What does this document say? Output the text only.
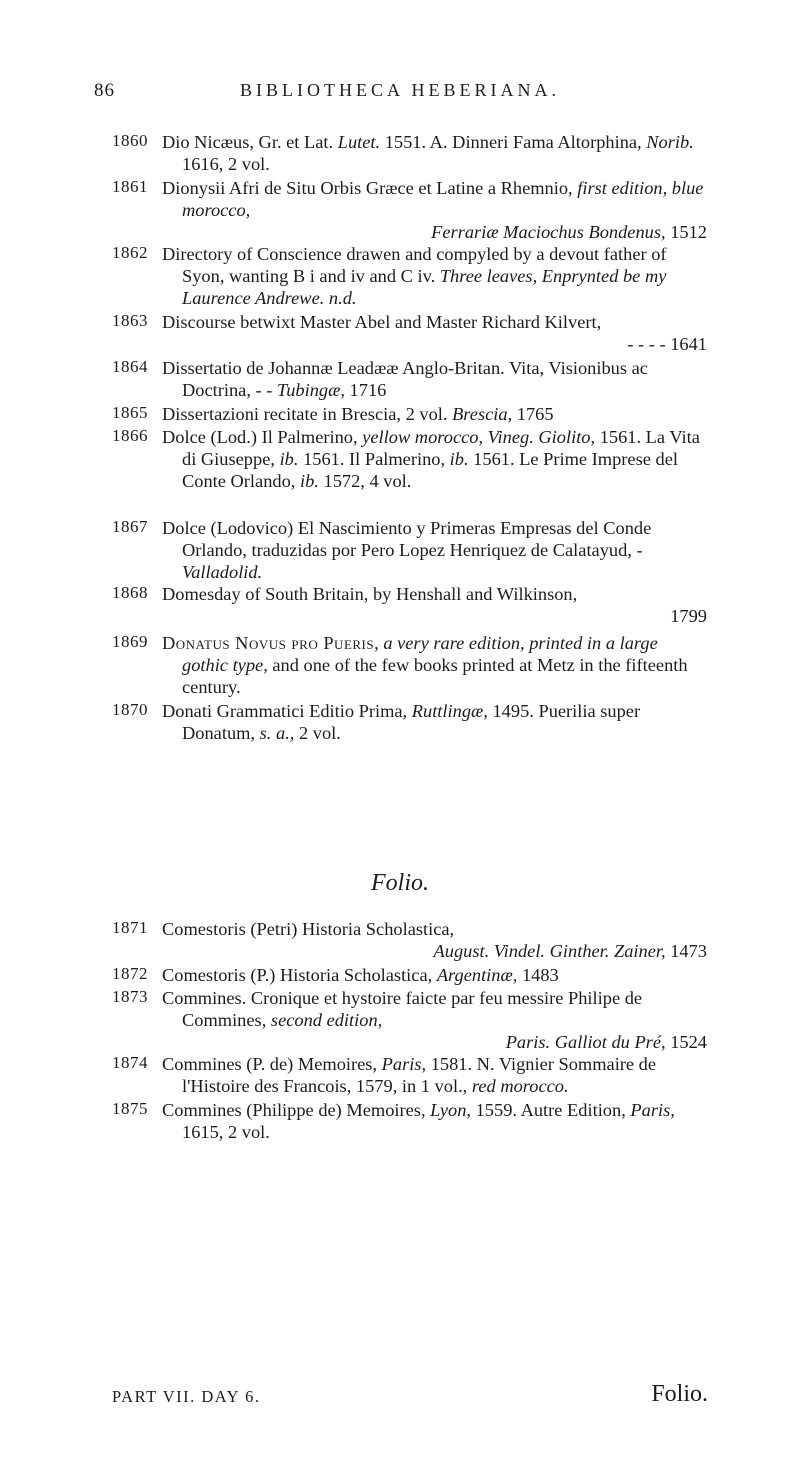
86	BIBLIOTHECA HEBERIANA.
1860 Dio Nicæus, Gr. et Lat. Lutet. 1551. A. Dinneri Fama Altorphina, Norib. 1616, 2 vol.
1861 Dionysii Afri de Situ Orbis Græce et Latine a Rhemnio, first edition, blue morocco,
Ferrariæ Maciochus Bondenus, 1512
1862 Directory of Conscience drawen and compyled by a devout father of Syon, wanting B i and iv and C iv. Three leaves, Enprynted be my Laurence Andrewe. n.d.
1863 Discourse betwixt Master Abel and Master Richard Kilvert,
- - - - 1641
1864 Dissertatio de Johannæ Leadææ Anglo-Britan. Vita, Visionibus ac Doctrina, - - Tubingæ, 1716
1865 Dissertazioni recitate in Brescia, 2 vol. Brescia, 1765
1866 Dolce (Lod.) Il Palmerino, yellow morocco, Vineg. Giolito, 1561. La Vita di Giuseppe, ib. 1561. Il Palmerino, ib. 1561. Le Prime Imprese del Conte Orlando, ib. 1572, 4 vol.
1867 Dolce (Lodovico) El Nascimiento y Primeras Empresas del Conde Orlando, traduzidas por Pero Lopez Henriquez de Calatayud, - Valladolid.
1868 Domesday of South Britain, by Henshall and Wilkinson,
1799
1869 Donatus Novus pro Pueris, a very rare edition, printed in a large gothic type, and one of the few books printed at Metz in the fifteenth century.
1870 Donati Grammatici Editio Prima, Ruttlingæ, 1495. Puerilia super Donatum, s. a., 2 vol.
1871 Comestoris (Petri) Historia Scholastica,
August. Vindel. Ginther. Zainer, 1473
1872 Comestoris (P.) Historia Scholastica, Argentinæ, 1483
1873 Commines. Cronique et hystoire faicte par feu messire Philipe de Commines, second edition,
Paris. Galliot du Pré, 1524
1874 Commines (P. de) Memoires, Paris, 1581. N. Vignier Sommaire de l'Histoire des Francois, 1579, in 1 vol., red morocco.
1875 Commines (Philippe de) Memoires, Lyon, 1559. Autre Edition, Paris, 1615, 2 vol.
Folio.
PART VII. DAY 6.	Folio.
